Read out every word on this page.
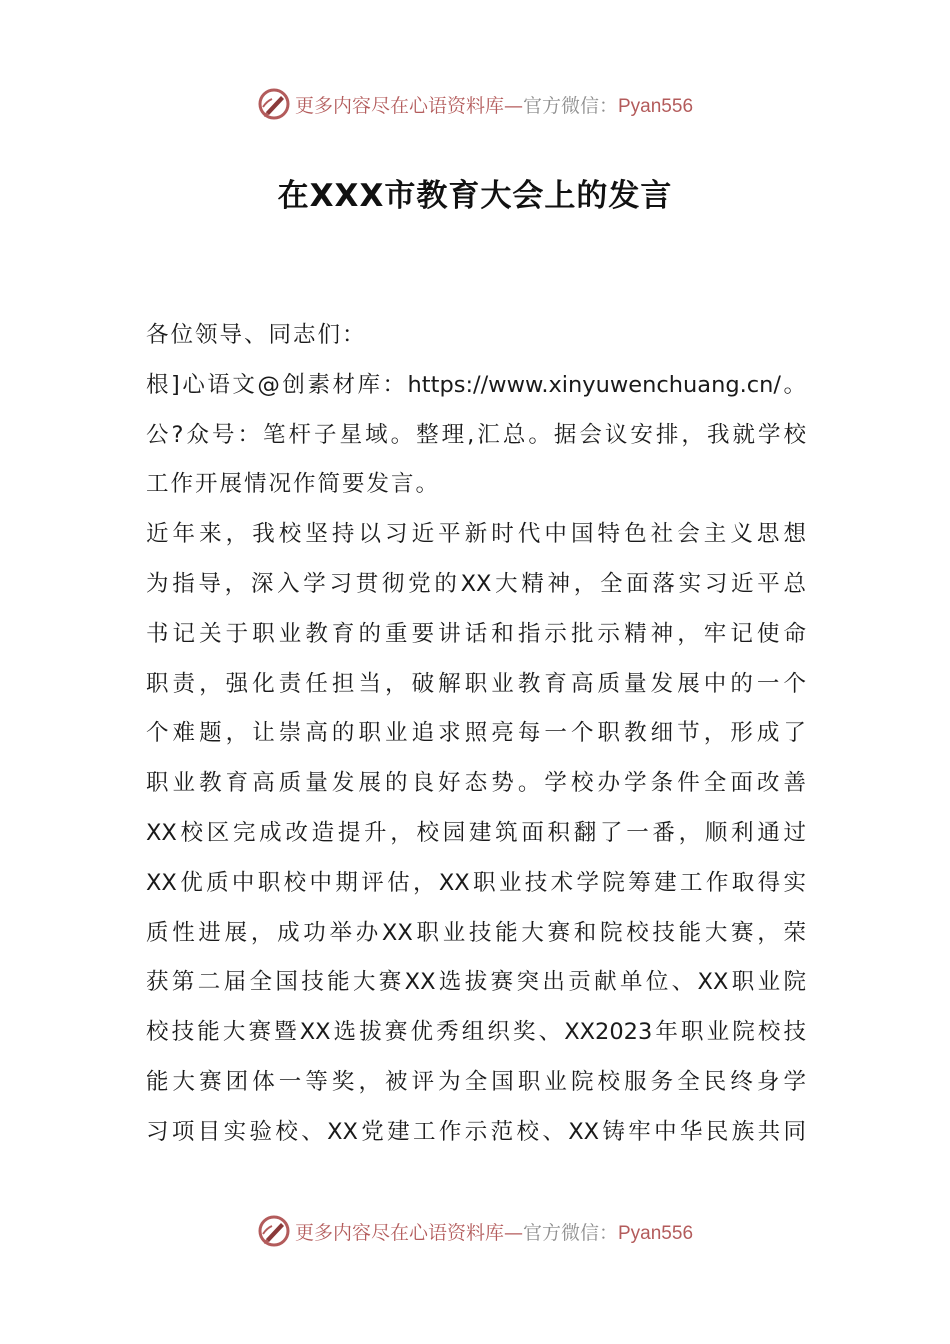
更多内容尽在心语资料库—官方微信：Pyan556
在XXX市教育大会上的发言
各位领导、同志们：
根]心语文@创素材库：https://www.xinyuwenchuang.cn/。
公?众号：笔杆子星域。整理,汇总。据会议安排，我就学校
工作开展情况作简要发言。
近年来，我校坚持以习近平新时代中国特色社会主义思想
为指导，深入学习贯彻党的XX大精神，全面落实习近平总
书记关于职业教育的重要讲话和指示批示精神，牢记使命
职责，强化责任担当，破解职业教育高质量发展中的一个
个难题，让崇高的职业追求照亮每一个职教细节，形成了
职业教育高质量发展的良好态势。学校办学条件全面改善
XX校区完成改造提升，校园建筑面积翻了一番，顺利通过
XX优质中职校中期评估，XX职业技术学院筹建工作取得实
质性进展，成功举办XX职业技能大赛和院校技能大赛，荣
获第二届全国技能大赛XX选拔赛突出贡献单位、XX职业院
校技能大赛暨XX选拔赛优秀组织奖、XX2023年职业院校技
能大赛团体一等奖，被评为全国职业院校服务全民终身学
习项目实验校、XX党建工作示范校、XX铸牢中华民族共同
更多内容尽在心语资料库—官方微信：Pyan556
